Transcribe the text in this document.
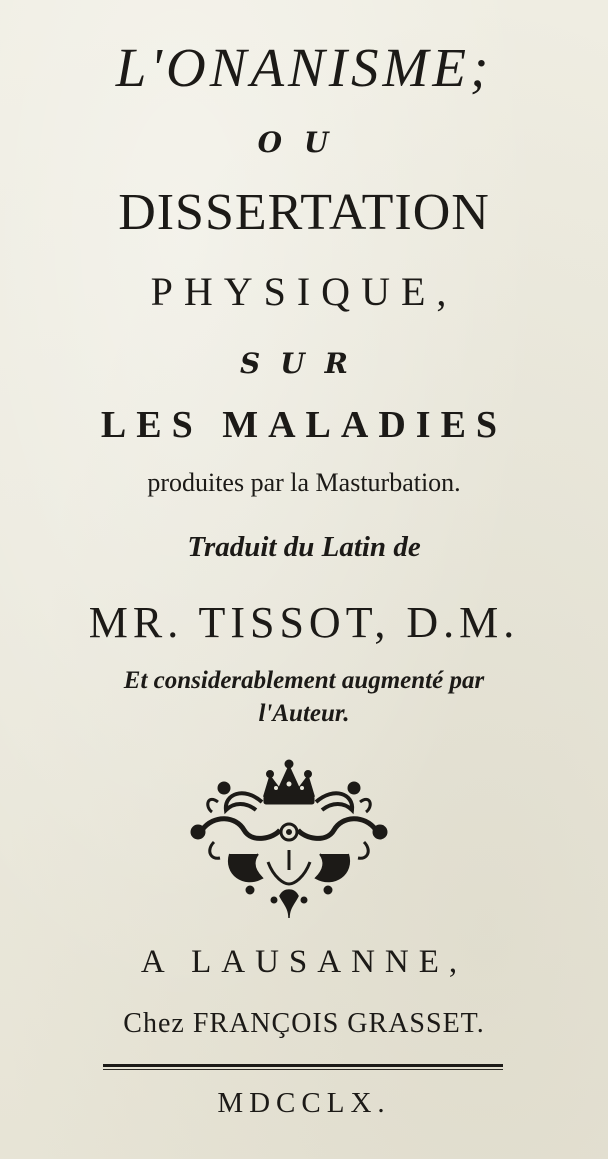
L'ONANISME;
OU
DISSERTATION
PHYSIQUE,
SUR
LES MALADIES
produites par la Masturbation.
Traduit du Latin de
MR. TISSOT, D.M.
Et considerablement augmenté par
l'Auteur.
A LAUSANNE,
Chez FRANÇOIS GRASSET.
MDCCLX.
